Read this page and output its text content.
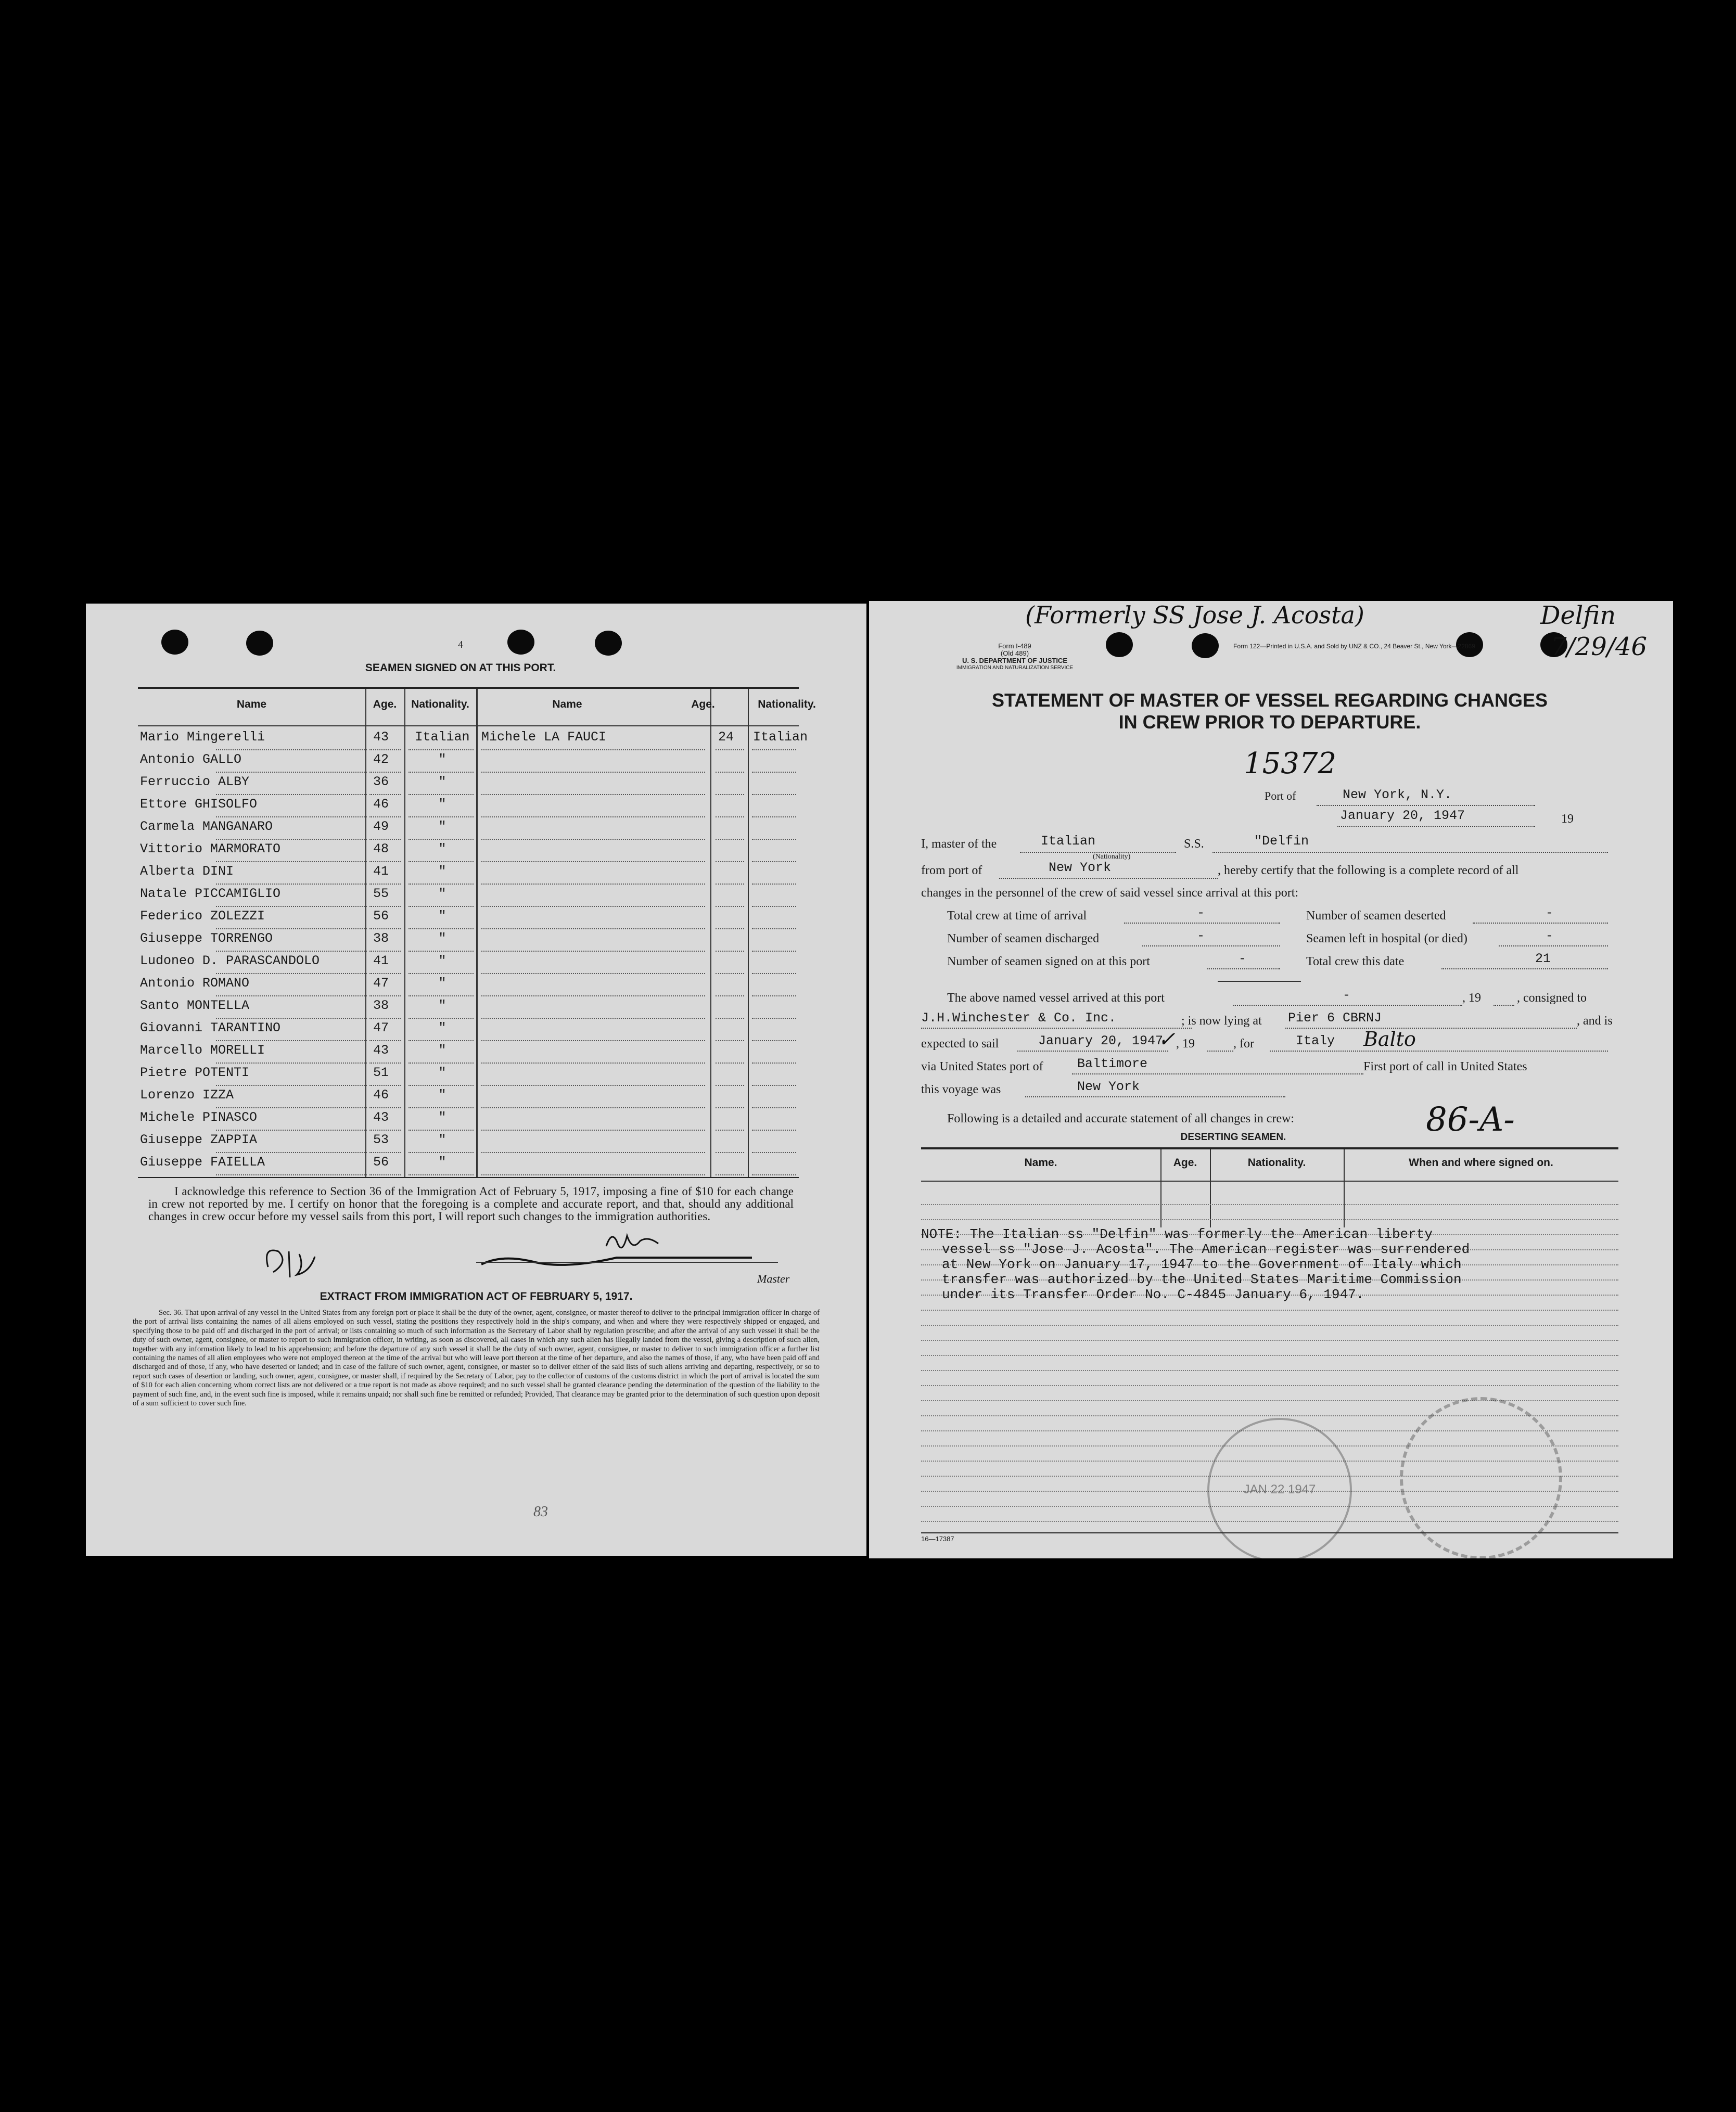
4
SEAMEN SIGNED ON AT THIS PORT.
Name	Age.	Nationality.	Name	Age.	Nationality.
Mario Mingerelli	43 Italian Michele LA FAUCI	24 Italian
Antonio GALLO	42	"
Ferruccio ALBY	36	"
Ettore GHISOLFO	46	"
Carmela MANGANARO	49	"
Vittorio MARMORATO	48	"
Alberta DINI	41	"
Natale PICCAMIGLIO	55	"
Federico ZOLEZZI	56	"
Giuseppe TORRENGO	38	"
Ludoneo D. PARASCANDOLO	41	"
Antonio ROMANO	47	"
Santo MONTELLA	38	"
Giovanni TARANTINO	47	"
Marcello MORELLI	43	"
Pietre POTENTI	51	"
Lorenzo IZZA	46	"
Michele PINASCO	43	"
Giuseppe ZAPPIA	53	"
Giuseppe FAIELLA	56	"
I acknowledge this reference to Section 36 of the Immigration Act of February 5, 1917, imposing a fine of $10 for each change in crew not reported by me. I certify on honor that the foregoing is a complete and accurate report, and that, should any additional changes in crew occur before my vessel sails from this port, I will report such changes to the immigration authorities.
Master
EXTRACT FROM IMMIGRATION ACT OF FEBRUARY 5, 1917.
Sec. 36. That upon arrival of any vessel in the United States from any foreign port or place it shall be the duty of the owner, agent, consignee, or master thereof to deliver to the principal immigration officer in charge of the port of arrival lists containing the names of all aliens employed on such vessel, stating the positions they respectively hold in the ship's company, and when and where they were respectively shipped or engaged, and specifying those to be paid off and discharged in the port of arrival; or lists containing so much of such information as the Secretary of Labor shall by regulation prescribe; and after the arrival of any such vessel it shall be the duty of such owner, agent, consignee, or master to report to such immigration officer, in writing, as soon as discovered, all cases in which any such alien has illegally landed from the vessel, giving a description of such alien, together with any information likely to lead to his apprehension; and before the departure of any such vessel it shall be the duty of such owner, agent, consignee, or master to deliver to such immigration officer a further list containing the names of all alien employees who were not employed thereon at the time of the arrival but who will leave port thereon at the time of her departure, and also the names of those, if any, who have been paid off and discharged and of those, if any, who have deserted or landed; and in case of the failure of such owner, agent, consignee, or master so to deliver either of the said lists of such aliens arriving and departing, respectively, or so to report such cases of desertion or landing, such owner, agent, consignee, or master shall, if required by the Secretary of Labor, pay to the collector of customs of the customs district in which the port of arrival is located the sum of $10 for each alien concerning whom correct lists are not delivered or a true report is not made as above required; and no such vessel shall be granted clearance pending the determination of the question of the liability to the payment of such fine, and, in the event such fine is imposed, while it remains unpaid; nor shall such fine be remitted or refunded; Provided, That clearance may be granted prior to the determination of such question upon deposit of a sum sufficient to cover such fine.
83
(Formerly SS Jose J. Acosta)	Delfin
7/29/46
Form I-489
(Old 489)
U. S. DEPARTMENT OF JUSTICE
IMMIGRATION AND NATURALIZATION SERVICE
Form 122—Printed in U.S.A. and Sold by UNZ & CO., 24 Beaver St., New York—22869
STATEMENT OF MASTER OF VESSEL REGARDING CHANGES
IN CREW PRIOR TO DEPARTURE.
15372
Port of	New York, N.Y.
January 20, 1947	19
I, master of the	Italian
(Nationality)
S.S.	"Delfin
from port of	New York	, hereby certify that the following is a complete record of all
changes in the personnel of the crew of said vessel since arrival at this port:
Total crew at time of arrival	-	Number of seamen deserted	-
Number of seamen discharged	-	Seamen left in hospital (or died)	-
Number of seamen signed on at this port	-	Total crew this date	21
The above named vessel arrived at this port	-	, 19	, consigned to
J.H.Winchester & Co. Inc.	; is now lying at Pier 6 CBRNJ	, and is
expected to sail	January 20, 1947
✓ , 19	, for	Italy Balto
via United States port of	Baltimore	First port of call in United States
this voyage was	New York
Following is a detailed and accurate statement of all changes in crew:	86-A-
DESERTING SEAMEN.
Name.	Age.	Nationality.	When and where signed on.
NOTE: The Italian ss "Delfin" was formerly the American liberty
vessel ss "Jose J. Acosta". The American register was surrendered
at New York on January 17, 1947 to the Government of Italy which
transfer was authorized by the United States Maritime Commission
under its Transfer Order No. C-4845 January 6, 1947.
JAN 22 1947
16—17387
